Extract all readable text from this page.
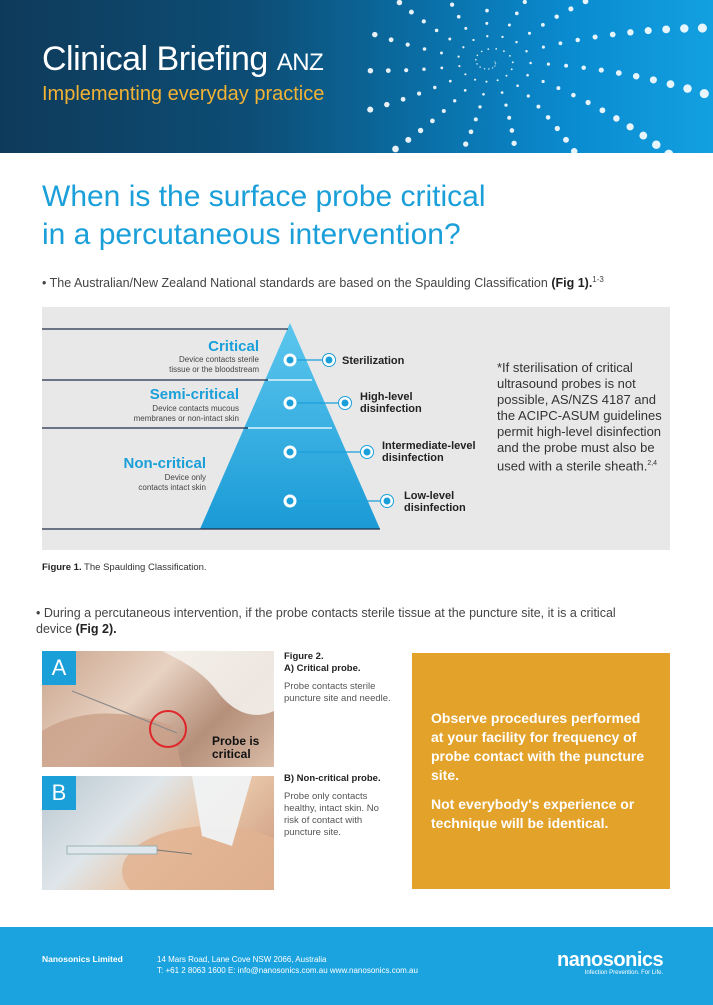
Clinical Briefing ANZ
Implementing everyday practice
When is the surface probe critical
in a percutaneous intervention?
• The Australian/New Zealand National standards are based on the Spaulding Classification (Fig 1).$^{1-3}$
Critical
Device contacts sterile
tissue or the bloodstream
Semi-critical
Device contacts mucous
membranes or non-intact skin
Non-critical
Device only
contacts intact skin
Sterilization
High-level
disinfection
Intermediate-level
disinfection
Low-level
disinfection
*If sterilisation of critical ultrasound probes is not possible, AS/NZS 4187 and the ACIPC-ASUM guidelines permit high-level disinfection and the probe must also be used with a sterile sheath.$^{2,4}$
Figure 1. The Spaulding Classification.
• During a percutaneous intervention, if the probe contacts sterile tissue at the puncture site, it is a critical device (Fig 2).
A
Probe is
critical
B
Figure 2.
A) Critical probe.
Probe contacts sterile puncture site and needle.
B) Non-critical probe.
Probe only contacts healthy, intact skin. No risk of contact with puncture site.

Observe procedures performed at your facility for frequency of probe contact with the puncture site.

Not everybody's experience or technique will be identical.

Nanosonics Limited	14 Mars Road, Lane Cove NSW 2066, Australia
T: +61 2 8063 1600 E: info@nanosonics.com.au www.nanosonics.com.au	nanosonics
Infection Prevention. For Life.
